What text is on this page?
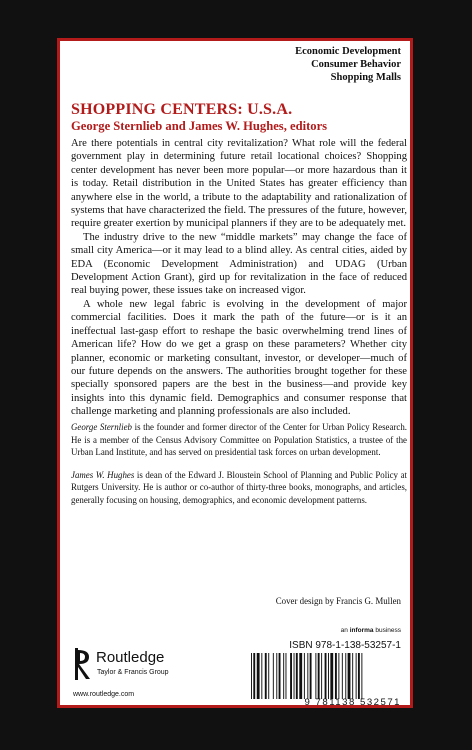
Economic Development
Consumer Behavior
Shopping Malls
SHOPPING CENTERS: U.S.A.
George Sternlieb and James W. Hughes, editors

Are there potentials in central city revitalization? What role will the federal government play in determining future retail locational choices? Shopping center development has never been more popular—or more hazardous than it is today. Retail distribution in the United States has greater efficiency than anywhere else in the world, a tribute to the adaptability and rationalization of systems that have characterized the field. The pressures of the future, however, require greater exertion by municipal planners if they are to be adequately met.

The industry drive to the new “middle markets” may change the face of small city America—or it may lead to a blind alley. As central cities, aided by EDA (Economic Development Administration) and UDAG (Urban Development Action Grant), gird up for revitalization in the face of reduced real buying power, these issues take on increased vigor.

A whole new legal fabric is evolving in the development of major commercial facilities. Does it mark the path of the future—or is it an ineffectual last-gasp effort to reshape the basic overwhelming trend lines of American life? How do we get a grasp on these parameters? Whether city planner, economic or marketing consultant, investor, or developer—much of our future depends on the answers. The authorities brought together for these specially sponsored papers are the best in the business—and provide key insights into this dynamic field. Demographics and consumer response that challenge marketing and planning professionals are also included.

George Sternlieb is the founder and former director of the Center for Urban Policy Research. He is a member of the Census Advisory Committee on Population Statistics, a trustee of the Urban Land Institute, and has served on presidential task forces on urban development.

James W. Hughes is dean of the Edward J. Bloustein School of Planning and Public Policy at Rutgers University. He is author or co-author of thirty-three books, monographs, and articles, generally focusing on housing, demographics, and economic development patterns.

Cover design by Francis G. Mullen
an informa business
ISBN 978-1-138-53257-1
Routledge
Taylor & Francis Group
www.routledge.com
9 781138 532571
